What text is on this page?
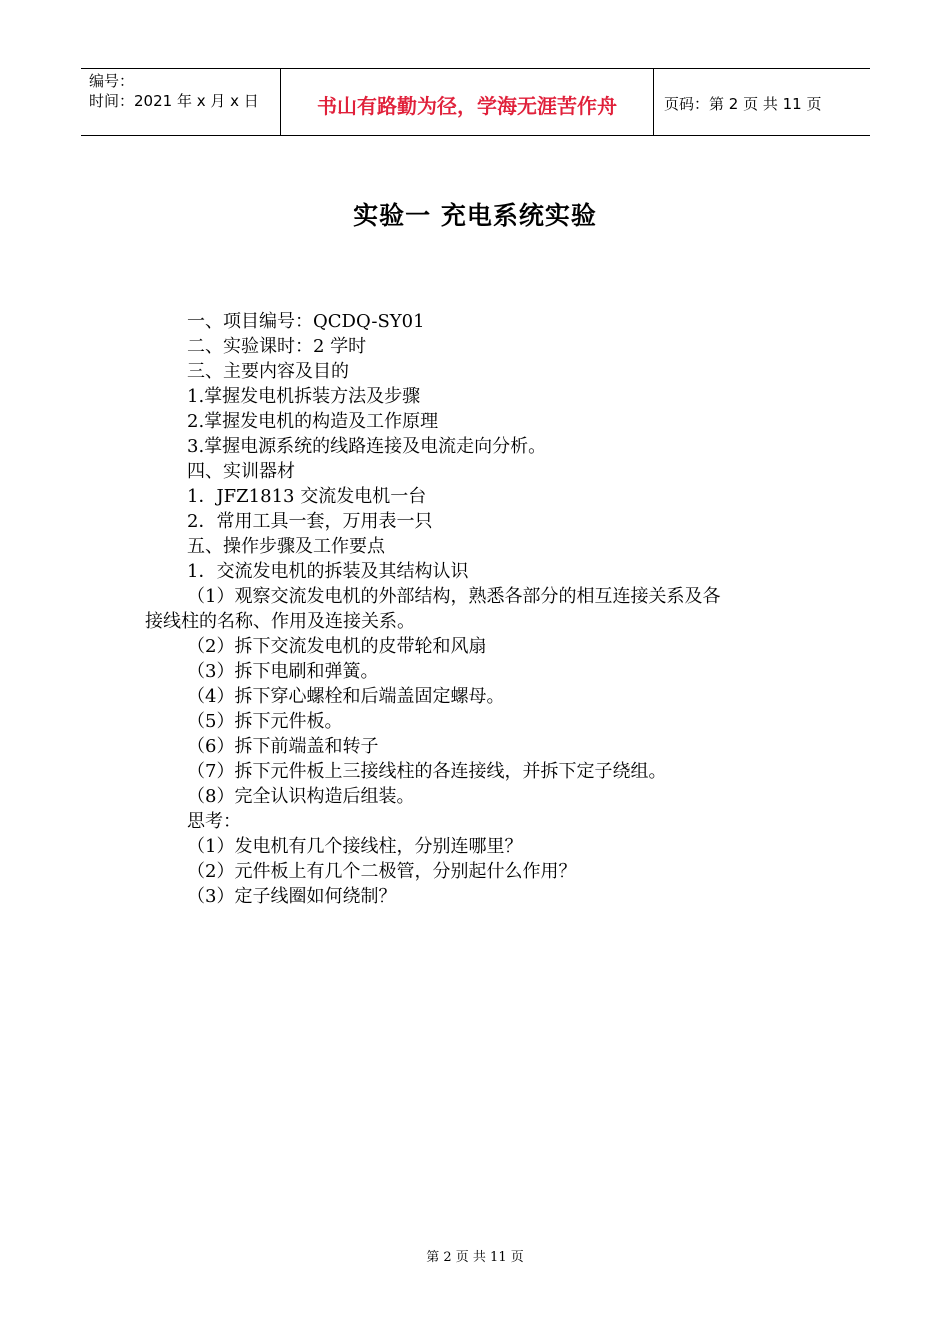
编号：
时间：2021 年 x 月 x 日	书山有路勤为径，学海无涯苦作舟	页码：第 2 页 共 11 页
实验一 充电系统实验
一、项目编号：QCDQ-SY01
二、实验课时：2 学时
三、主要内容及目的
1.掌握发电机拆装方法及步骤
2.掌握发电机的构造及工作原理
3.掌握电源系统的线路连接及电流走向分析。
四、实训器材
1．JFZ1813 交流发电机一台
2．常用工具一套，万用表一只
五、操作步骤及工作要点
1．交流发电机的拆装及其结构认识
（1）观察交流发电机的外部结构，熟悉各部分的相互连接关系及各
接线柱的名称、作用及连接关系。
（2）拆下交流发电机的皮带轮和风扇
（3）拆下电刷和弹簧。
（4）拆下穿心螺栓和后端盖固定螺母。
（5）拆下元件板。
（6）拆下前端盖和转子
（7）拆下元件板上三接线柱的各连接线，并拆下定子绕组。
（8）完全认识构造后组装。
思考：
（1）发电机有几个接线柱，分别连哪里？
（2）元件板上有几个二极管，分别起什么作用？
（3）定子线圈如何绕制？
第 2 页 共 11 页
